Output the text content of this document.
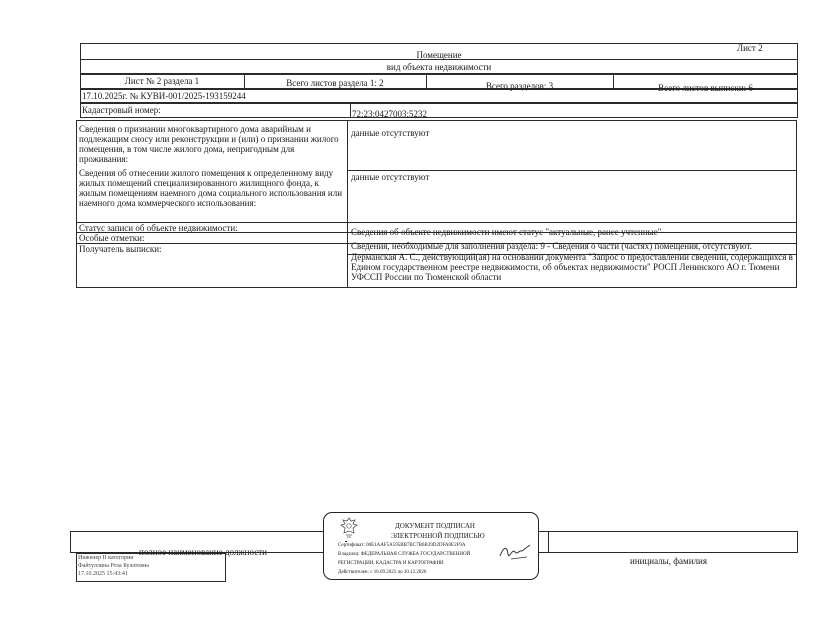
Лист 2
Помещение
вид объекта недвижимости
Лист № 2 раздела 1	Всего листов раздела 1: 2	Всего разделов: 3	Всего листов выписки: 6
17.10.2025г. № КУВИ-001/2025-193159244
Кадастровый номер:	72:23:0427003:5232
Сведения о признании многоквартирного дома аварийным и подлежащим сносу или реконструкции и (или) о признании жилого помещения, в том числе жилого дома, непригодным для проживания:
данные отсутствуют
Сведения об отнесении жилого помещения к определенному виду жилых помещений специализированного жилищного фонда, к жилым помещениям наемного дома социального использования или наемного дома коммерческого использования:
данные отсутствуют
Статус записи об объекте недвижимости:	Сведения об объекте недвижимости имеют статус "актуальные, ранее учтенные"
Особые отметки:
Сведения, необходимые для заполнения раздела: 9 - Сведения о части (частях) помещения, отсутствуют.
Получатель выписки:
Дерманская А. С., действующий(ая) на основании документа "Запрос о предоставлении сведений, содержащихся в Едином государственном реестре недвижимости, об объектах недвижимости" РОСП Ленинского АО г. Тюмени УФССП России по Тюменской области
полное наименование должности
инициалы, фамилия
Инженер II категории
Файтуллина Роза Булатовна
17.10.2025 15:43:41
ДОКУМЕНТ ПОДПИСАН
ЭЛЕКТРОННОЙ ПОДПИСЬЮ
Сертификат: 00E1AAF5A595BB7BC7B6B39D2DFA0E2F9A
Владелец: ФЕДЕРАЛЬНАЯ СЛУЖБА ГОСУДАРСТВЕННОЙ
РЕГИСТРАЦИИ, КАДАСТРА И КАРТОГРАФИИ
Действителен: с 16.09.2025 по 10.12.2026
